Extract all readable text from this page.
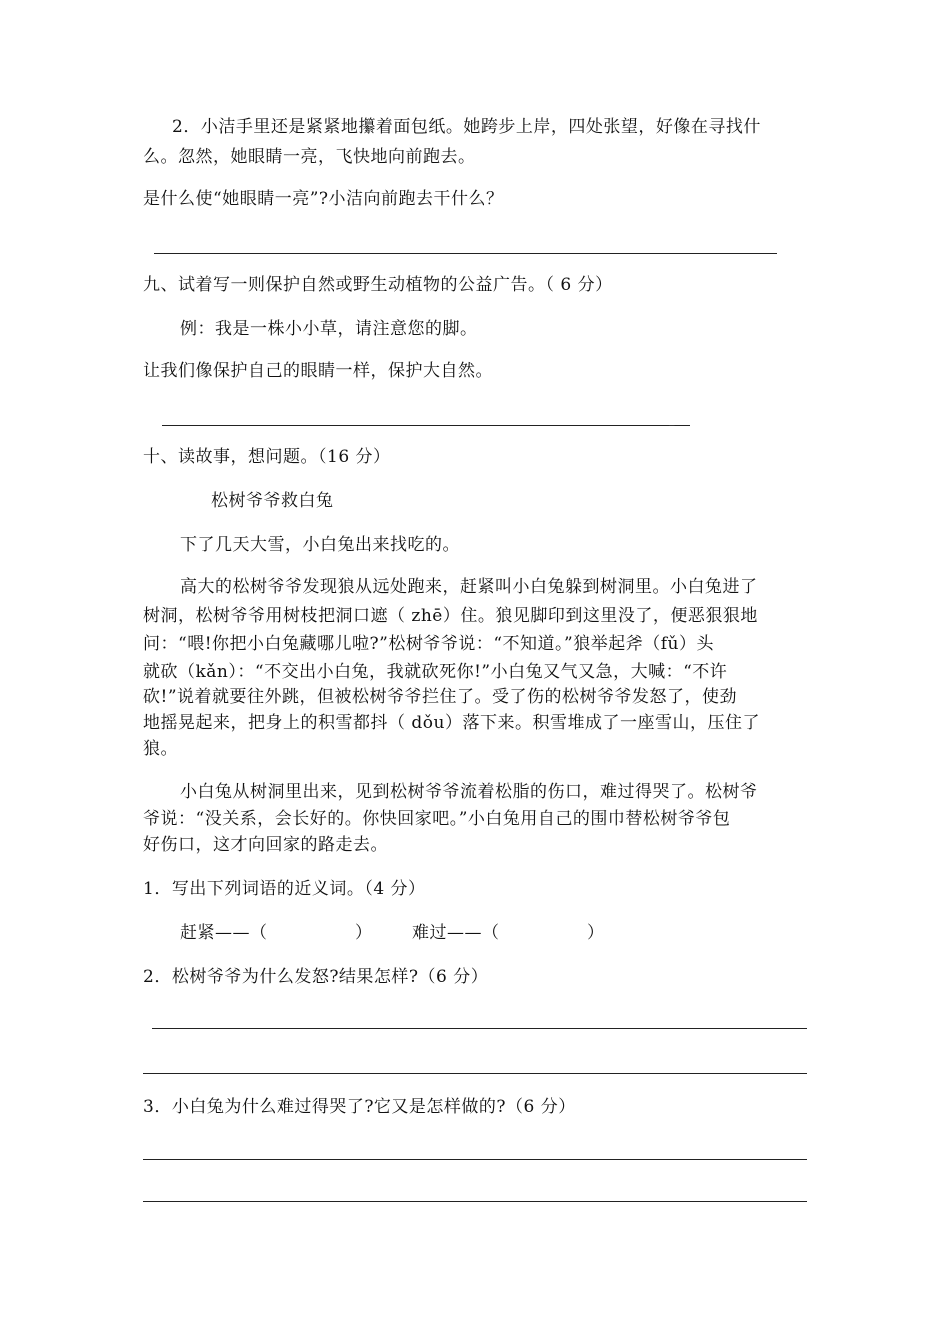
2．小洁手里还是紧紧地攥着面包纸。她跨步上岸，四处张望，好像在寻找什
么。忽然，她眼睛一亮，飞快地向前跑去。
是什么使“她眼睛一亮”?小洁向前跑去干什么？
_
九、试着写一则保护自然或野生动植物的公益广告。（ 6 分）
例：我是一株小小草，请注意您的脚。
让我们像保护自己的眼睛一样，保护大自然。
_
十、读故事，想问题。（16 分）
松树爷爷救白兔
下了几天大雪，小白兔出来找吃的。
高大的松树爷爷发现狼从远处跑来，赶紧叫小白兔躲到树洞里。小白兔进了
树洞，松树爷爷用树枝把洞口遮（ zhē）住。狼见脚印到这里没了，便恶狠狠地
问：“喂!你把小白兔藏哪儿啦?”松树爷爷说：“不知道。”狼举起斧（fǔ）头
就砍（kǎn）：“不交出小白兔，我就砍死你!”小白兔又气又急，大喊：“不许
砍!”说着就要往外跳，但被松树爷爷拦住了。受了伤的松树爷爷发怒了，使劲
地摇晃起来，把身上的积雪都抖（ dǒu）落下来。积雪堆成了一座雪山，压住了
狼。
小白兔从树洞里出来，见到松树爷爷流着松脂的伤口，难过得哭了。松树爷
爷说：“没关系，会长好的。你快回家吧。”小白兔用自己的围巾替松树爷爷包
好伤口，这才向回家的路走去。
1．写出下列词语的近义词。（4 分）
赶紧——（　　　　　） 难过——（　　　　　）
2．松树爷爷为什么发怒?结果怎样?（6 分）
3．小白兔为什么难过得哭了?它又是怎样做的?（6 分）
